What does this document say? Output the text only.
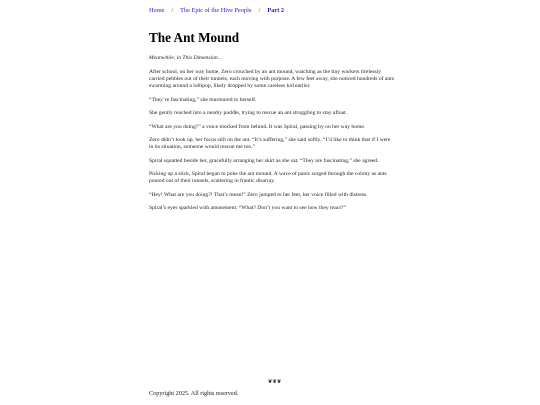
Home / The Epic of the Hive People / Part 2
The Ant Mound

Meanwhile, in This Dimension…

After school, on her way home, Zero crouched by an ant mound, watching as the tiny workers tirelessly carried pebbles out of their tunnels, each moving with purpose. A few feet away, she noticed hundreds of ants swarming around a lollipop, likely dropped by some careless kid earlier.

“They’re fascinating,” she murmured to herself.

She gently reached into a nearby puddle, trying to rescue an ant struggling to stay afloat.

“What are you doing?” a voice mocked from behind. It was Spiral, passing by on her way home.

Zero didn’t look up, her focus still on the ant. “It’s suffering,” she said softly. “I’d like to think that if I were in its situation, someone would rescue me too.”

Spiral squatted beside her, gracefully arranging her skirt as she sat. “They are fascinating,” she agreed.

Picking up a stick, Spiral began to poke the ant mound. A wave of panic surged through the colony as ants poured out of their tunnels, scattering in frantic disarray.

“Hey! What are you doing?! That’s mean!” Zero jumped to her feet, her voice filled with distress.

Spiral’s eyes sparkled with amusement. “What? Don’t you want to see how they react?”

❦❦❦
Copyright 2025. All rights reserved.
